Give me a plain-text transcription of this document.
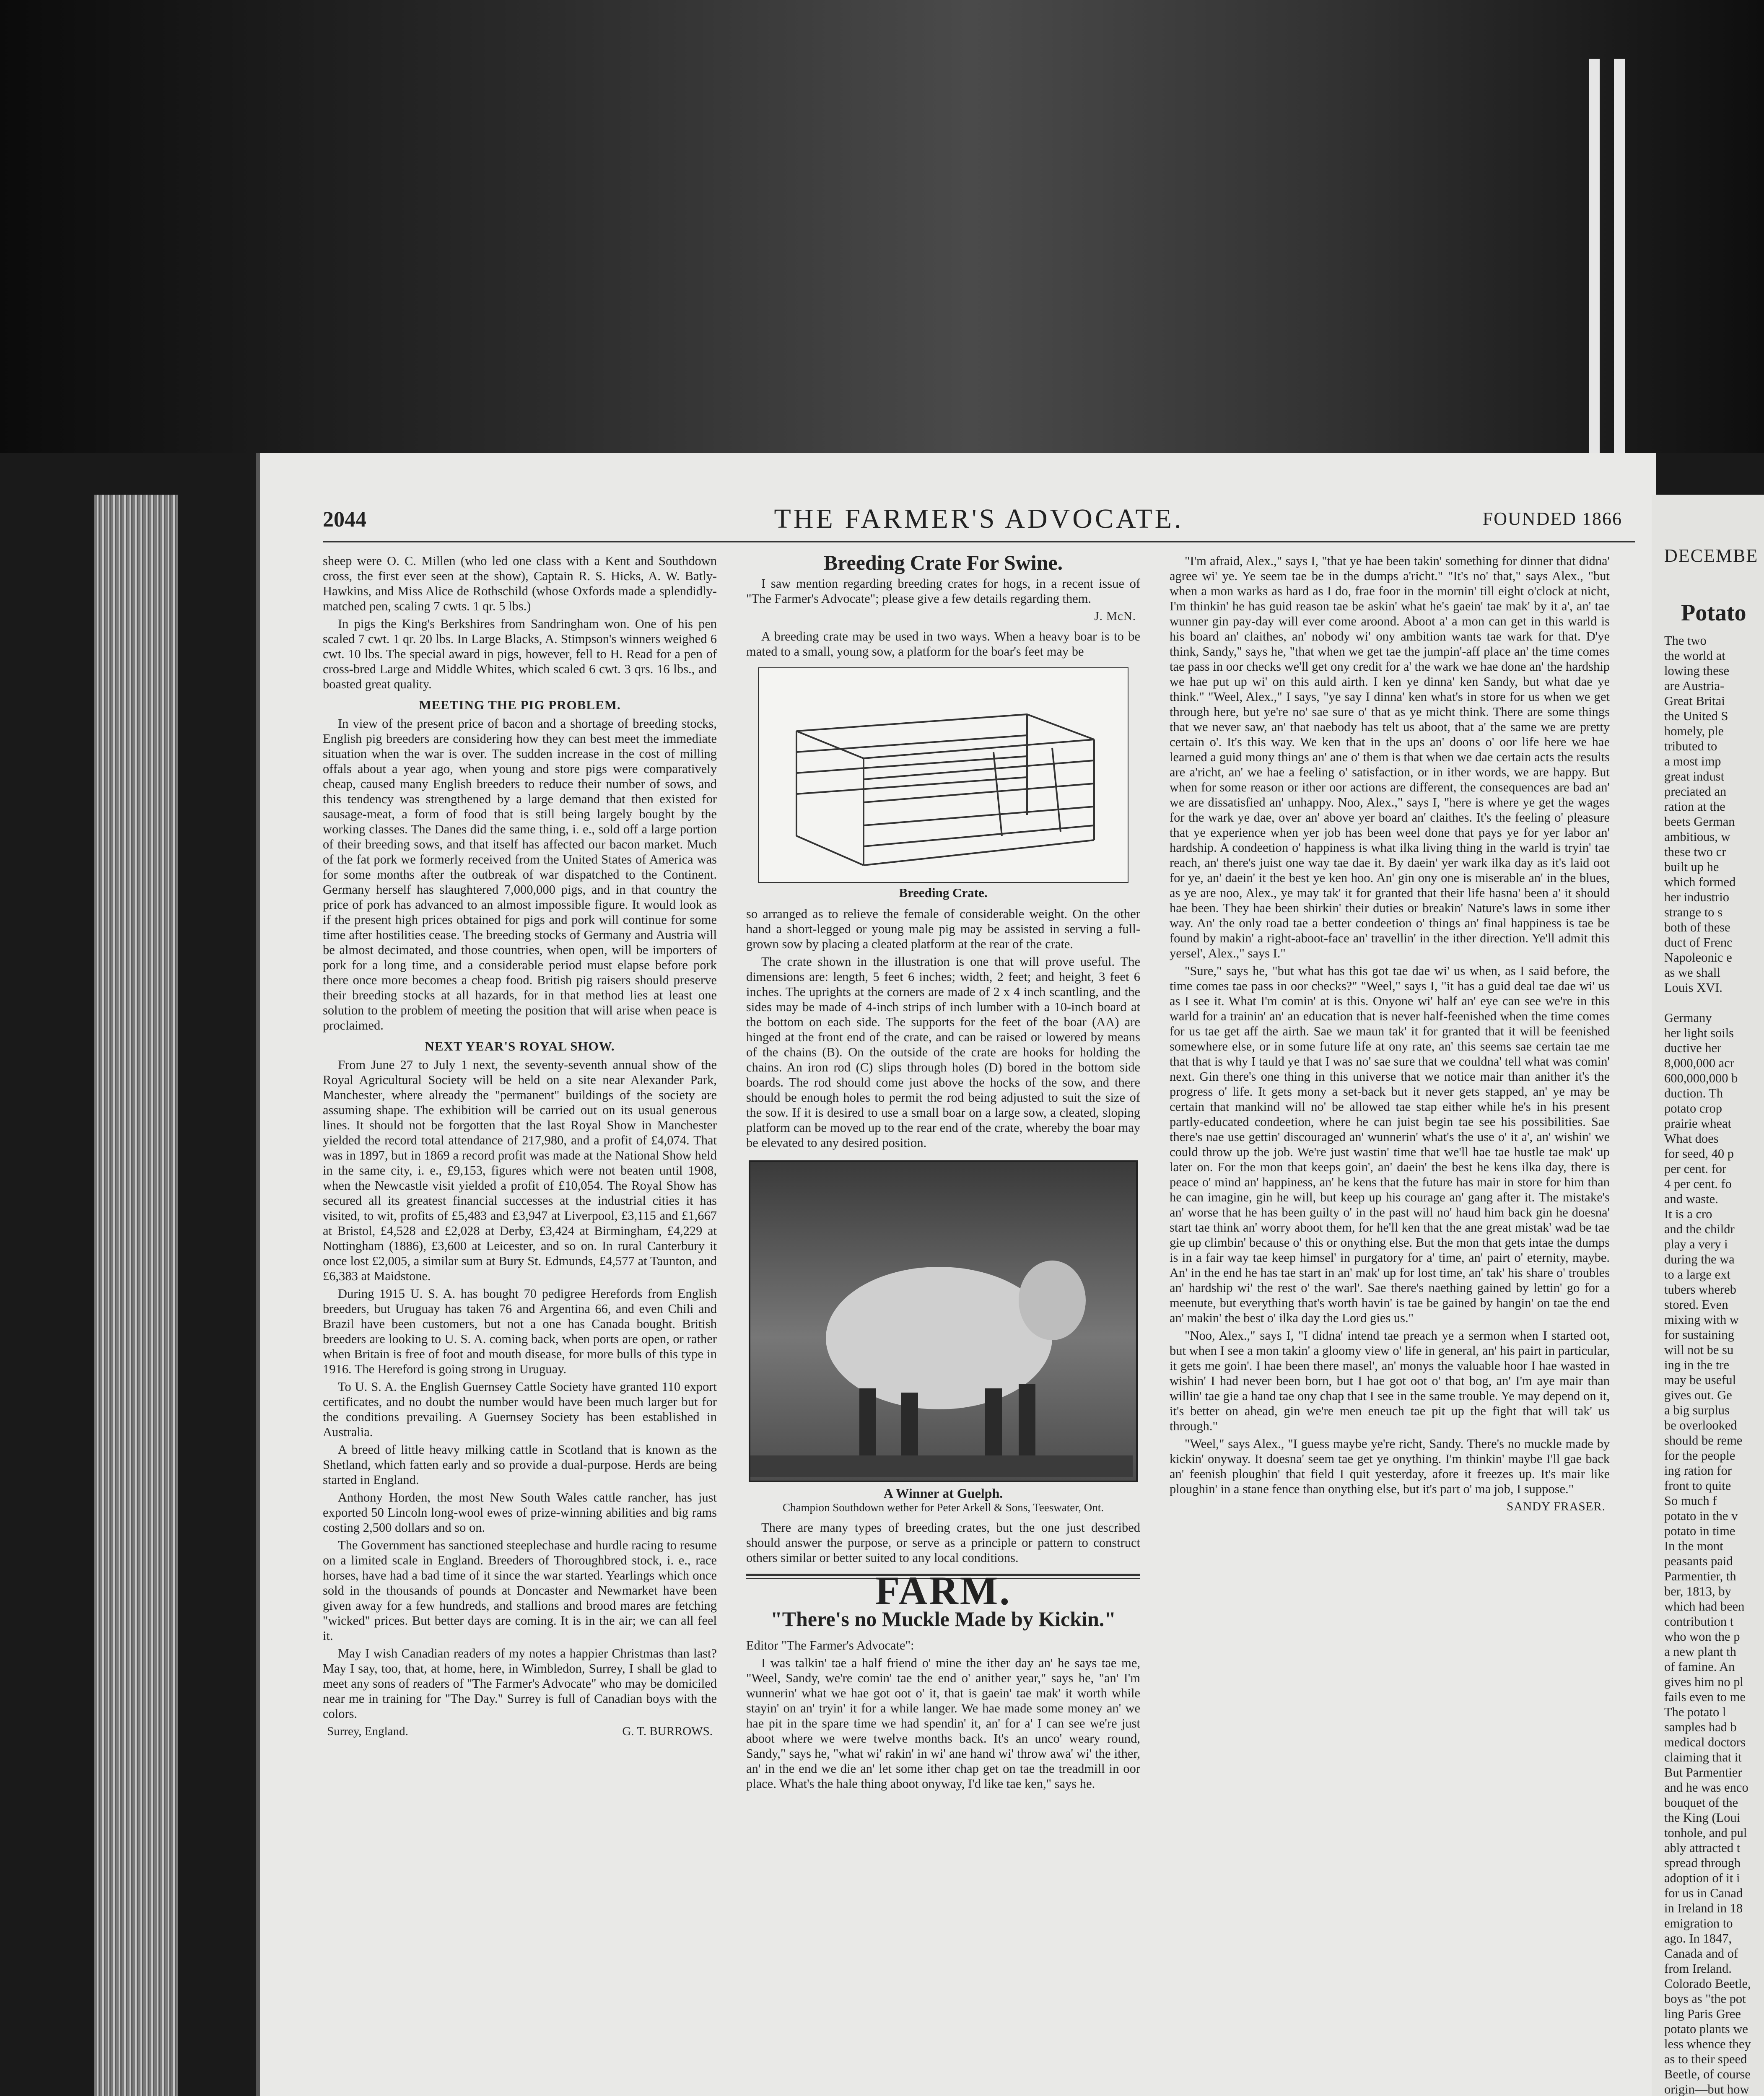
2044	THE FARMER'S ADVOCATE.	FOUNDED 1866

sheep were O. C. Millen (who led one class with a Kent and Southdown cross, the first ever seen at the show), Captain R. S. Hicks, A. W. Batly-Hawkins, and Miss Alice de Rothschild (whose Oxfords made a splendidly-matched pen, scaling 7 cwts. 1 qr. 5 lbs.)

In pigs the King's Berkshires from Sandringham won. One of his pen scaled 7 cwt. 1 qr. 20 lbs. In Large Blacks, A. Stimpson's winners weighed 6 cwt. 10 lbs. The special award in pigs, however, fell to H. Read for a pen of cross-bred Large and Middle Whites, which scaled 6 cwt. 3 qrs. 16 lbs., and boasted great quality.

MEETING THE PIG PROBLEM.

In view of the present price of bacon and a shortage of breeding stocks, English pig breeders are considering how they can best meet the immediate situation when the war is over. The sudden increase in the cost of milling offals about a year ago, when young and store pigs were comparatively cheap, caused many English breeders to reduce their number of sows, and this tendency was strengthened by a large demand that then existed for sausage-meat, a form of food that is still being largely bought by the working classes. The Danes did the same thing, i. e., sold off a large portion of their breeding sows, and that itself has affected our bacon market. Much of the fat pork we formerly received from the United States of America was for some months after the outbreak of war dispatched to the Continent. Germany herself has slaughtered 7,000,000 pigs, and in that country the price of pork has advanced to an almost impossible figure. It would look as if the present high prices obtained for pigs and pork will continue for some time after hostilities cease. The breeding stocks of Germany and Austria will be almost decimated, and those countries, when open, will be importers of pork for a long time, and a considerable period must elapse before pork there once more becomes a cheap food. British pig raisers should preserve their breeding stocks at all hazards, for in that method lies at least one solution to the problem of meeting the position that will arise when peace is proclaimed.

NEXT YEAR'S ROYAL SHOW.

From June 27 to July 1 next, the seventy-seventh annual show of the Royal Agricultural Society will be held on a site near Alexander Park, Manchester, where already the "permanent" buildings of the society are assuming shape. The exhibition will be carried out on its usual generous lines. It should not be forgotten that the last Royal Show in Manchester yielded the record total attendance of 217,980, and a profit of £4,074. That was in 1897, but in 1869 a record profit was made at the National Show held in the same city, i. e., £9,153, figures which were not beaten until 1908, when the Newcastle visit yielded a profit of £10,054. The Royal Show has secured all its greatest financial successes at the industrial cities it has visited, to wit, profits of £5,483 and £3,947 at Liverpool, £3,115 and £1,667 at Bristol, £4,528 and £2,028 at Derby, £3,424 at Birmingham, £4,229 at Nottingham (1886), £3,600 at Leicester, and so on. In rural Canterbury it once lost £2,005, a similar sum at Bury St. Edmunds, £4,577 at Taunton, and £6,383 at Maidstone.

During 1915 U. S. A. has bought 70 pedigree Herefords from English breeders, but Uruguay has taken 76 and Argentina 66, and even Chili and Brazil have been customers, but not a one has Canada bought. British breeders are looking to U. S. A. coming back, when ports are open, or rather when Britain is free of foot and mouth disease, for more bulls of this type in 1916. The Hereford is going strong in Uruguay.

To U. S. A. the English Guernsey Cattle Society have granted 110 export certificates, and no doubt the number would have been much larger but for the conditions prevailing. A Guernsey Society has been established in Australia.

A breed of little heavy milking cattle in Scotland that is known as the Shetland, which fatten early and so provide a dual-purpose. Herds are being started in England.

Anthony Horden, the most New South Wales cattle rancher, has just exported 50 Lincoln long-wool ewes of prize-winning abilities and big rams costing 2,500 dollars and so on.

The Government has sanctioned steeplechase and hurdle racing to resume on a limited scale in England. Breeders of Thoroughbred stock, i. e., race horses, have had a bad time of it since the war started. Yearlings which once sold in the thousands of pounds at Doncaster and Newmarket have been given away for a few hundreds, and stallions and brood mares are fetching "wicked" prices. But better days are coming. It is in the air; we can all feel it.

May I wish Canadian readers of my notes a happier Christmas than last? May I say, too, that, at home, here, in Wimbledon, Surrey, I shall be glad to meet any sons of readers of "The Farmer's Advocate" who may be domiciled near me in training for "The Day." Surrey is full of Canadian boys with the colors.

Surrey, England.	G. T. BURROWS.
Breeding Crate For Swine.

I saw mention regarding breeding crates for hogs, in a recent issue of "The Farmer's Advocate"; please give a few details regarding them.

J. McN.

A breeding crate may be used in two ways. When a heavy boar is to be mated to a small, young sow, a platform for the boar's feet may be

Breeding Crate.

so arranged as to relieve the female of considerable weight. On the other hand a short-legged or young male pig may be assisted in serving a full-grown sow by placing a cleated platform at the rear of the crate.

The crate shown in the illustration is one that will prove useful. The dimensions are: length, 5 feet 6 inches; width, 2 feet; and height, 3 feet 6 inches. The uprights at the corners are made of 2 x 4 inch scantling, and the sides may be made of 4-inch strips of inch lumber with a 10-inch board at the bottom on each side. The supports for the feet of the boar (AA) are hinged at the front end of the crate, and can be raised or lowered by means of the chains (B). On the outside of the crate are hooks for holding the chains. An iron rod (C) slips through holes (D) bored in the bottom side boards. The rod should come just above the hocks of the sow, and there should be enough holes to permit the rod being adjusted to suit the size of the sow. If it is desired to use a small boar on a large sow, a cleated, sloping platform can be moved up to the rear end of the crate, whereby the boar may be elevated to any desired position.

A Winner at Guelph.
Champion Southdown wether for Peter Arkell & Sons, Teeswater, Ont.

There are many types of breeding crates, but the one just described should answer the purpose, or serve as a principle or pattern to construct others similar or better suited to any local conditions.

FARM.
"There's no Muckle Made by Kickin."

Editor "The Farmer's Advocate":

I was talkin' tae a half friend o' mine the ither day an' he says tae me, "Weel, Sandy, we're comin' tae the end o' anither year," says he, "an' I'm wunnerin' what we hae got oot o' it, that is gaein' tae mak' it worth while stayin' on an' tryin' it for a while langer. We hae made some money an' we hae pit in the spare time we had spendin' it, an' for a' I can see we're just aboot where we were twelve months back. It's an unco' weary round, Sandy," says he, "what wi' rakin' in wi' ane hand wi' throw awa' wi' the ither, an' in the end we die an' let some ither chap get on tae the treadmill in oor place. What's the hale thing aboot onyway, I'd like tae ken," says he.

"I'm afraid, Alex.," says I, "that ye hae been takin' something for dinner that didna' agree wi' ye. Ye seem tae be in the dumps a'richt." "It's no' that," says Alex., "but when a mon warks as hard as I do, frae foor in the mornin' till eight o'clock at nicht, I'm thinkin' he has guid reason tae be askin' what he's gaein' tae mak' by it a', an' tae wunner gin pay-day will ever come aroond. Aboot a' a mon can get in this warld is his board an' claithes, an' nobody wi' ony ambition wants tae wark for that. D'ye think, Sandy," says he, "that when we get tae the jumpin'-aff place an' the time comes tae pass in oor checks we'll get ony credit for a' the wark we hae done an' the hardship we hae put up wi' on this auld airth. I ken ye dinna' ken Sandy, but what dae ye think." "Weel, Alex.," I says, "ye say I dinna' ken what's in store for us when we get through here, but ye're no' sae sure o' that as ye micht think. There are some things that we never saw, an' that naebody has telt us aboot, that a' the same we are pretty certain o'. It's this way. We ken that in the ups an' doons o' oor life here we hae learned a guid mony things an' ane o' them is that when we dae certain acts the results are a'richt, an' we hae a feeling o' satisfaction, or in ither words, we are happy. But when for some reason or ither oor actions are different, the consequences are bad an' we are dissatisfied an' unhappy. Noo, Alex.," says I, "here is where ye get the wages for the wark ye dae, over an' above yer board an' claithes. It's the feeling o' pleasure that ye experience when yer job has been weel done that pays ye for yer labor an' hardship. A condeetion o' happiness is what ilka living thing in the warld is tryin' tae reach, an' there's juist one way tae dae it. By daein' yer wark ilka day as it's laid oot for ye, an' daein' it the best ye ken hoo. An' gin ony one is miserable an' in the blues, as ye are noo, Alex., ye may tak' it for granted that their life hasna' been a' it should hae been. They hae been shirkin' their duties or breakin' Nature's laws in some ither way. An' the only road tae a better condeetion o' things an' final happiness is tae be found by makin' a right-aboot-face an' travellin' in the ither direction. Ye'll admit this yersel', Alex.," says I."

"Sure," says he, "but what has this got tae dae wi' us when, as I said before, the time comes tae pass in oor checks?" "Weel," says I, "it has a guid deal tae dae wi' us as I see it. What I'm comin' at is this. Onyone wi' half an' eye can see we're in this warld for a trainin' an' an education that is never half-feenished when the time comes for us tae get aff the airth. Sae we maun tak' it for granted that it will be feenished somewhere else, or in some future life at ony rate, an' this seems sae certain tae me that that is why I tauld ye that I was no' sae sure that we couldna' tell what was comin' next. Gin there's one thing in this universe that we notice mair than anither it's the progress o' life. It gets mony a set-back but it never gets stapped, an' ye may be certain that mankind will no' be allowed tae stap either while he's in his present partly-educated condeetion, where he can juist begin tae see his possibilities. Sae there's nae use gettin' discouraged an' wunnerin' what's the use o' it a', an' wishin' we could throw up the job. We're just wastin' time that we'll hae tae hustle tae mak' up later on. For the mon that keeps goin', an' daein' the best he kens ilka day, there is peace o' mind an' happiness, an' he kens that the future has mair in store for him than he can imagine, gin he will, but keep up his courage an' gang after it. The mistake's an' worse that he has been guilty o' in the past will no' haud him back gin he doesna' start tae think an' worry aboot them, for he'll ken that the ane great mistak' wad be tae gie up climbin' because o' this or onything else. But the mon that gets intae the dumps is in a fair way tae keep himsel' in purgatory for a' time, an' pairt o' eternity, maybe. An' in the end he has tae start in an' mak' up for lost time, an' tak' his share o' troubles an' hardship wi' the rest o' the warl'. Sae there's naething gained by lettin' go for a meenute, but everything that's worth havin' is tae be gained by hangin' on tae the end an' makin' the best o' ilka day the Lord gies us."

"Noo, Alex.," says I, "I didna' intend tae preach ye a sermon when I started oot, but when I see a mon takin' a gloomy view o' life in general, an' his pairt in particular, it gets me goin'. I hae been there masel', an' monys the valuable hoor I hae wasted in wishin' I had never been born, but I hae got oot o' that bog, an' I'm aye mair than willin' tae gie a hand tae ony chap that I see in the same trouble. Ye may depend on it, it's better on ahead, gin we're men eneuch tae pit up the fight that will tak' us through."

"Weel," says Alex., "I guess maybe ye're richt, Sandy. There's no muckle made by kickin' onyway. It doesna' seem tae get ye onything. I'm thinkin' maybe I'll gae back an' feenish ploughin' that field I quit yesterday, afore it freezes up. It's mair like ploughin' in a stane fence than onything else, but it's part o' ma job, I suppose."

SANDY FRASER.
DECEMBE
Potato
The two
the world at
lowing these
are Austria-
Great Britai
the United S
homely, ple
tributed to
a most imp
great indust
preciated an
ration at the
beets German
ambitious, w
these two cr
built up he
which formed
her industrio
strange to s
both of these
duct of Frenc
Napoleonic e
as we shall
Louis XVI.
Germany
her light soils
ductive her
8,000,000 acr
600,000,000 b
duction. Th
potato crop
prairie wheat
What does
for seed, 40 p
per cent. for
4 per cent. fo
and waste.
It is a cro
and the childr
play a very i
during the wa
to a large ext
tubers whereb
stored. Even
mixing with w
for sustaining
will not be su
ing in the tre
may be useful
gives out. Ge
a big surplus
be overlooked
should be reme
for the people
ing ration for
front to quite
So much f
potato in the v
potato in time
In the mont
peasants paid
Parmentier, th
ber, 1813, by
which had been
contribution t
who won the p
a new plant th
of famine. An
gives him no pl
fails even to me
The potato l
samples had b
medical doctors
claiming that it
But Parmentier
and he was enco
bouquet of the
the King (Loui
tonhole, and pul
ably attracted t
spread through
adoption of it i
for us in Canad
in Ireland in 18
emigration to
ago. In 1847,
Canada and of
from Ireland.
Colorado Beetle,
boys as "the pot
ling Paris Gree
potato plants we
less whence they
as to their speed
Beetle, of course
origin—but how
